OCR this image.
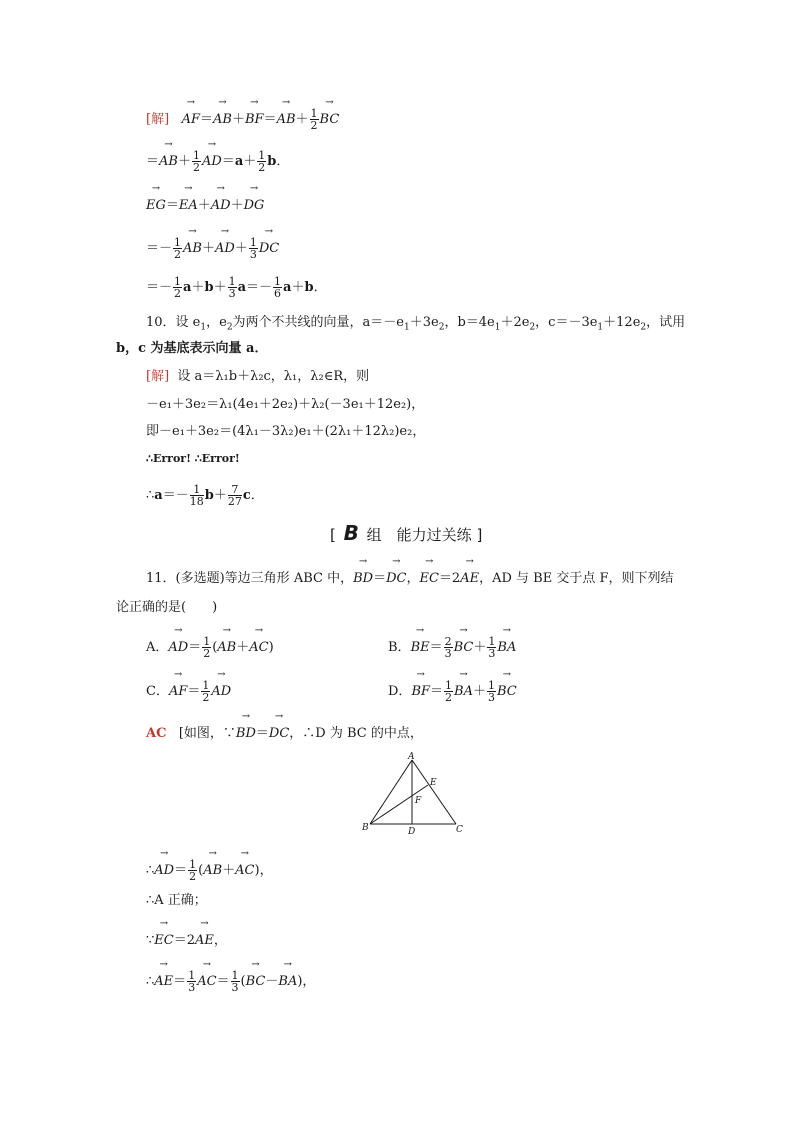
[解]   → $AF=\to AB+\to BF=\to AB+ \frac{1}{2}$
→ BC
＝→ $AB+ \frac{1}{2}$
→ $AD=a+ \frac{1}{2}$ b．
→ EG＝→ EA＋→ AD＋→ DG
＝－ $\frac{1}{2}$
→ $AB+\to AD+ \frac{1}{3}$
→ DC
＝－ $\frac{1}{2} a+b+ \frac{1}{3} a=- \frac{1}{6} a+b$．
10．设 $e_1$，$e_2$为两个不共线的向量，$a=-e_1+3e_2$，$b=4e_1+2e_2$，$c=-3e_1+12e_2$，试用
b，c 为基底表示向量 a．
[解] 设 a＝λ₁b＋λ₂c，λ₁，λ₂∈R，则
－e₁＋3e₂＝λ₁(4e₁＋2e₂)＋λ₂(－3e₁＋12e₂)，
即－e₁＋3e₂＝(4λ₁－3λ₂)e₁＋(2λ₁＋12λ₂)e₂，
∴Error! ∴Error!
∴a＝－ $\frac{1}{18} b+ \frac{7}{27}$ c．
[ B 组　能力过关练 ]
11．(多选题)等边三角形 ABC 中，→ BD＝→ DC，→ EC＝2→ AE，AD 与 BE 交于点 F，则下列结
论正确的是(　　)
A．→ $AD= \frac{1}{2}$ (→ AB＋→ AC)	B．→ $BE= \frac{2}{3}$
→ $BC+ \frac{1}{3}$
→ BA
C．→ $AF= \frac{1}{2}$
→ AD	D．→ $BF= \frac{1}{2}$
→ $BA+ \frac{1}{3}$
→ BC
AC [如图，∵→ BD＝→ DC，∴D 为 BC 的中点，
A
B	C
D
E
F
∴→ $AD= \frac{1}{2}$ (→ AB＋→ AC)，
∴A 正确；
∵→ EC＝2→ AE，
∴→ $AE= \frac{1}{3}$
→ $AC= \frac{1}{3}$ (→ BC－→ BA)，
